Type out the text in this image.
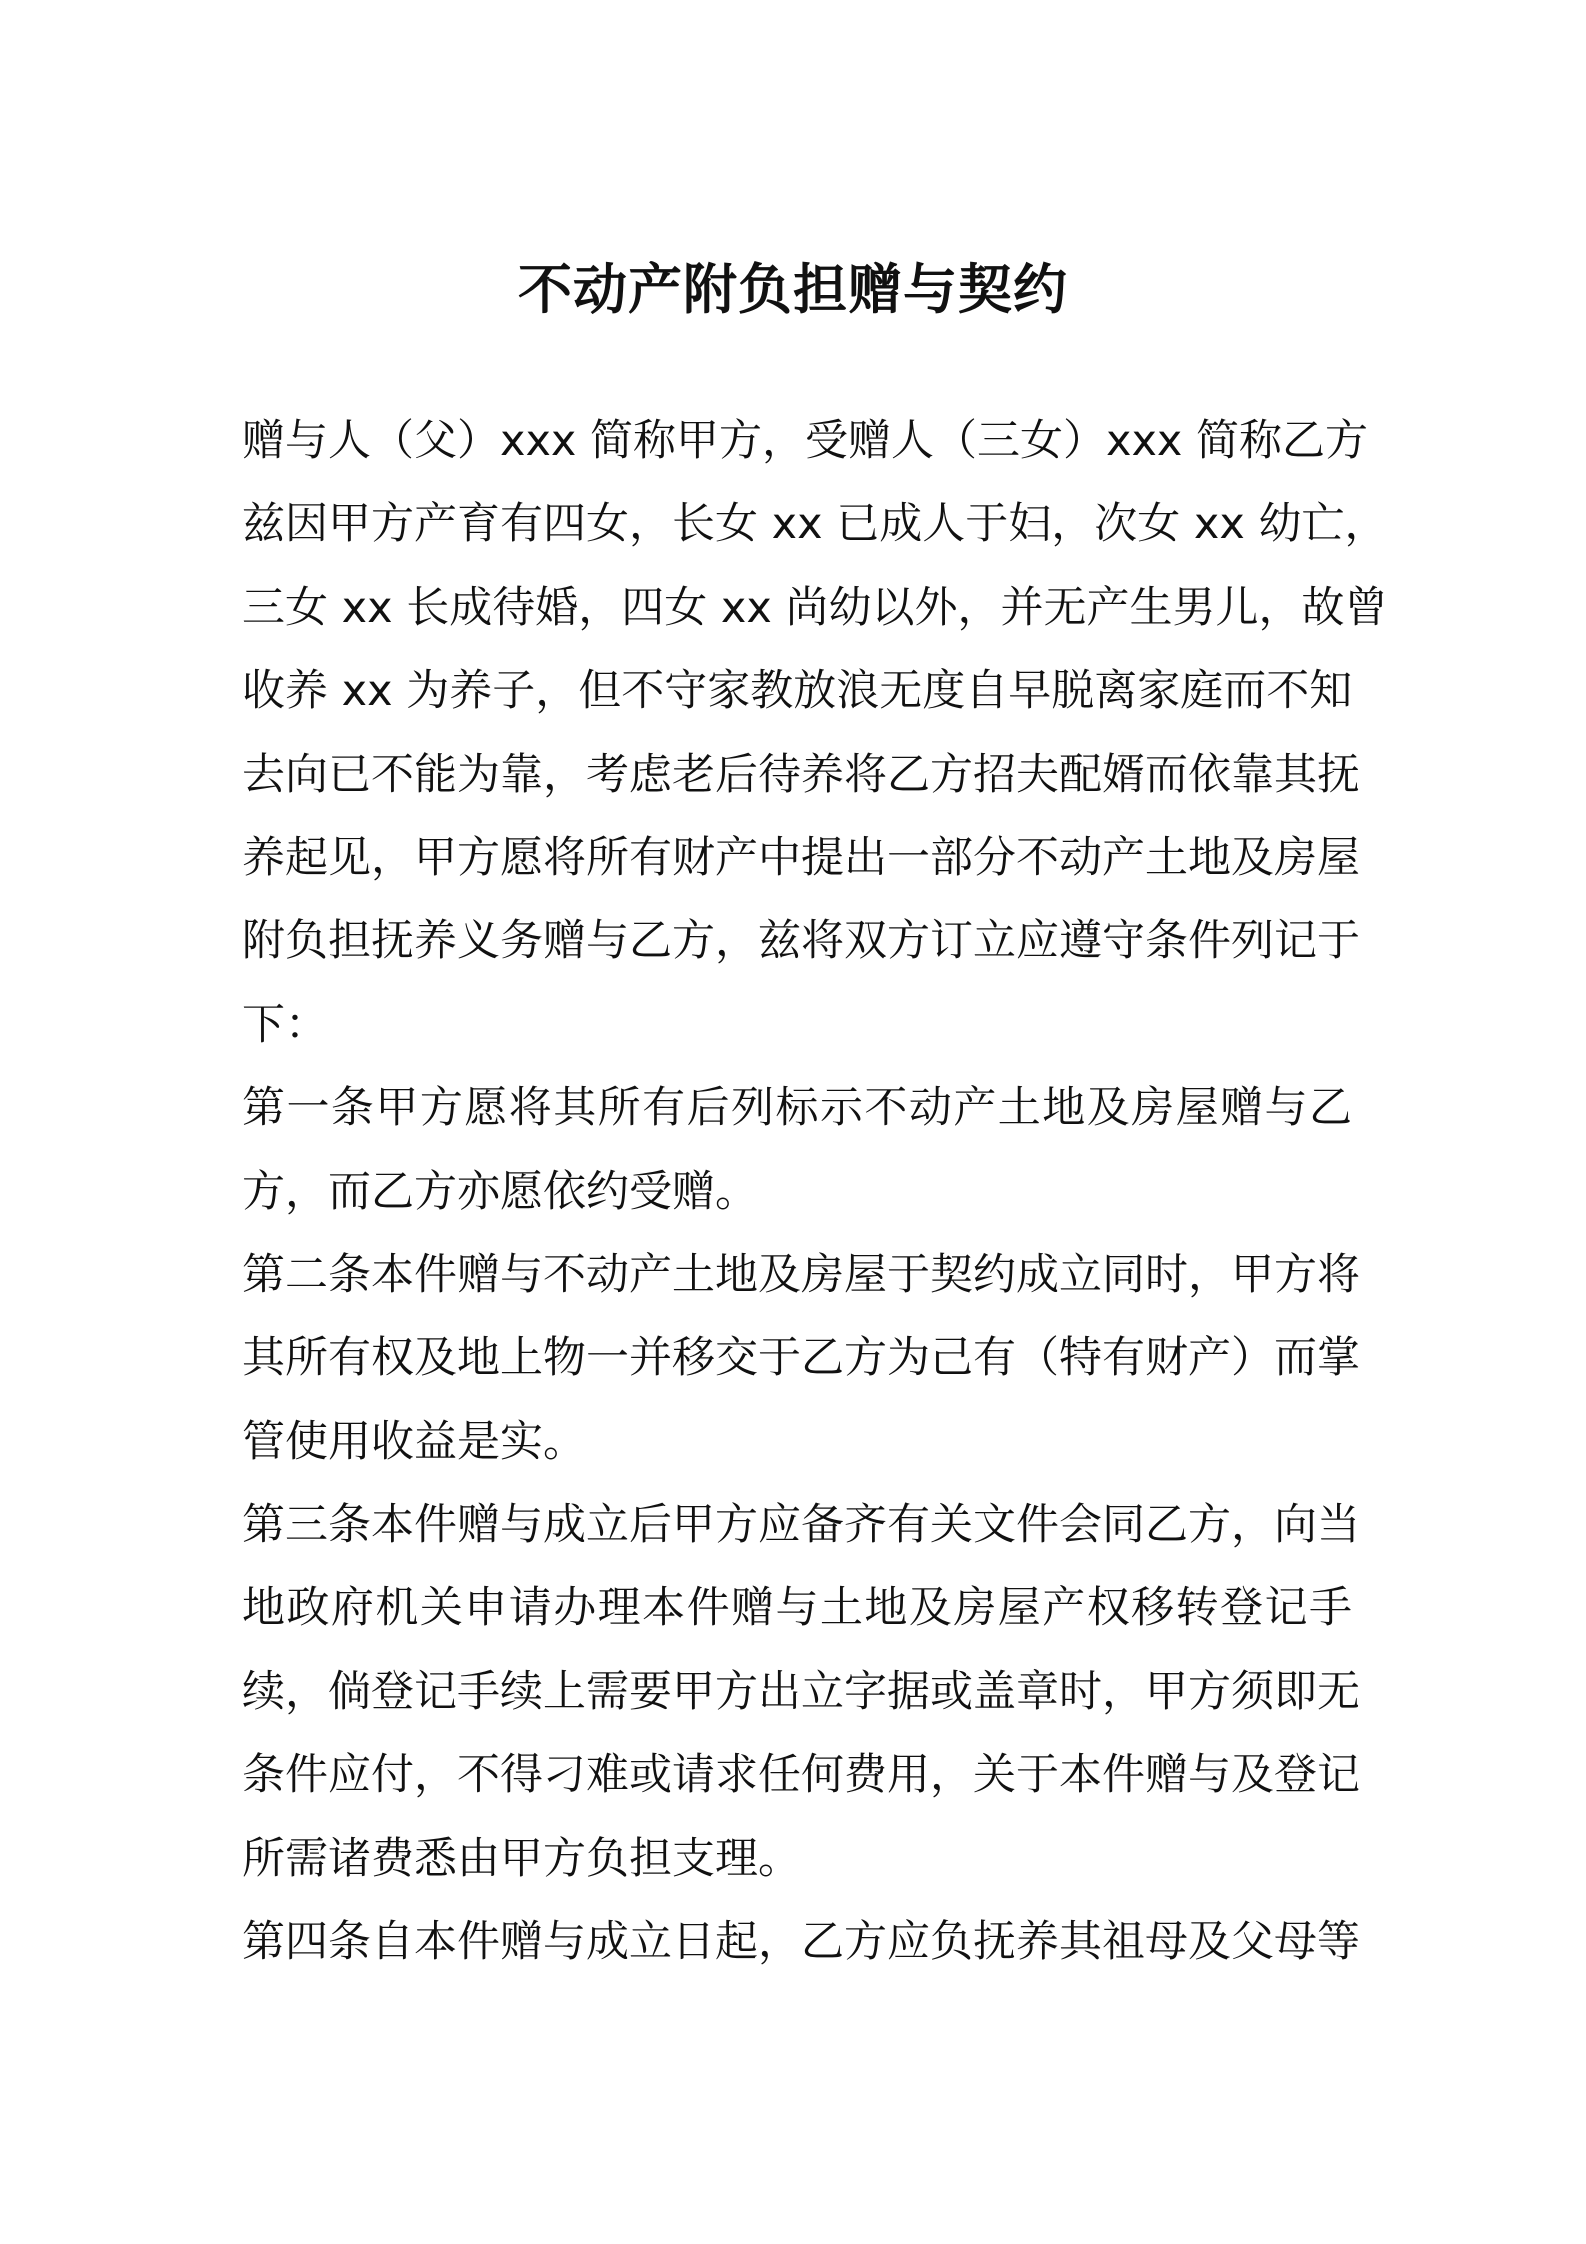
不动产附负担赠与契约
赠与人（父）xxx 简称甲方，受赠人（三女）xxx 简称乙方
兹因甲方产育有四女，长女 xx 已成人于妇，次女 xx 幼亡，
三女 xx 长成待婚，四女 xx 尚幼以外，并无产生男儿，故曾
收养 xx 为养子，但不守家教放浪无度自早脱离家庭而不知
去向已不能为靠，考虑老后待养将乙方招夫配婿而依靠其抚
养起见，甲方愿将所有财产中提出一部分不动产土地及房屋
附负担抚养义务赠与乙方，兹将双方订立应遵守条件列记于
下：
第一条甲方愿将其所有后列标示不动产土地及房屋赠与乙
方，而乙方亦愿依约受赠。
第二条本件赠与不动产土地及房屋于契约成立同时，甲方将
其所有权及地上物一并移交于乙方为己有（特有财产）而掌
管使用收益是实。
第三条本件赠与成立后甲方应备齐有关文件会同乙方，向当
地政府机关申请办理本件赠与土地及房屋产权移转登记手
续，倘登记手续上需要甲方出立字据或盖章时，甲方须即无
条件应付，不得刁难或请求任何费用，关于本件赠与及登记
所需诸费悉由甲方负担支理。
第四条自本件赠与成立日起，乙方应负抚养其祖母及父母等
